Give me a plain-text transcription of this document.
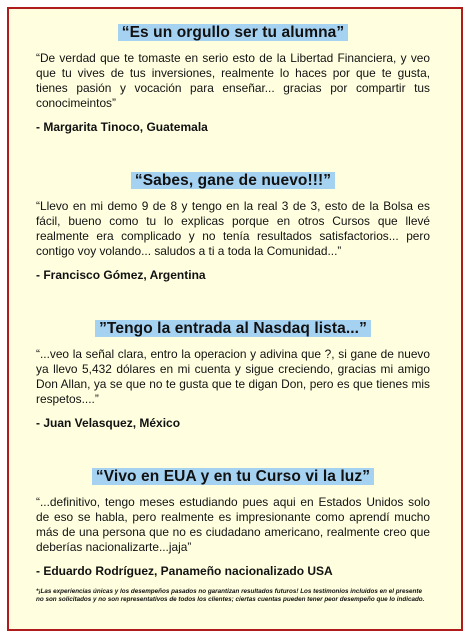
“Es un orgullo ser tu alumna”

“De verdad que te tomaste en serio esto de la Libertad Financiera, y veo que tu vives de tus inversiones, realmente lo haces por que te gusta, tienes pasión y vocación para enseñar... gracias por compartir tus conocimeintos”

- Margarita Tinoco, Guatemala

“Sabes, gane de nuevo!!!”

“Llevo en mi demo 9 de 8 y tengo en la real 3 de 3, esto de la Bolsa es fácil, bueno como tu lo explicas porque en otros Cursos que llevé realmente era complicado y no tenía resultados satisfactorios... pero contigo voy volando... saludos a ti a toda la Comunidad...”

- Francisco Gómez, Argentina

”Tengo la entrada al Nasdaq lista...”

“...veo la señal clara, entro la operacion y adivina que ?, si gane de nuevo ya llevo 5,432 dólares en mi cuenta y sigue creciendo, gracias mi amigo Don Allan, ya se que no te gusta que te digan Don, pero es que tienes mis respetos....”

- Juan Velasquez, México

“Vivo en EUA y en tu Curso vi la luz”

“...definitivo, tengo meses estudiando pues aqui en Estados Unidos solo de eso se habla, pero realmente es impresionante como aprendí mucho más de una persona que no es ciudadano americano, realmente creo que deberías nacionalizarte...jaja”

- Eduardo Rodríguez, Panameño nacionalizado USA

*¡Las experiencias únicas y los desempeños pasados no garantizan resultados futuros! Los testimonios incluidos en el presente no son solicitados y no son representativos de todos los clientes; ciertas cuentas pueden tener peor desempeño que lo indicado.
